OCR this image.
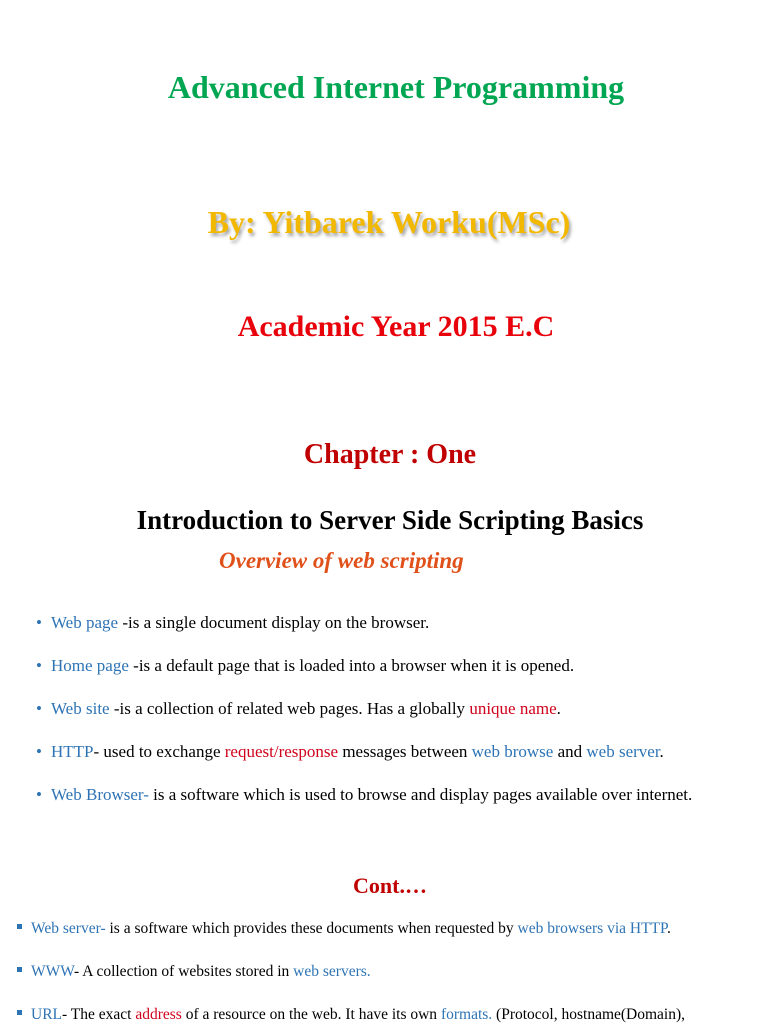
Advanced Internet Programming
By: Yitbarek Worku(MSc)
Academic Year 2015 E.C
Chapter : One
Introduction to Server Side Scripting Basics
Overview of web scripting
• Web page -is a single document display on the browser.
• Home page -is a default page that is loaded into a browser when it is opened.
• Web site -is a collection of related web pages. Has a globally unique name.
• HTTP- used to exchange request/response messages between web browse and web server.
• Web Browser- is a software which is used to browse and display pages available over internet.
Cont.…
Web server- is a software which provides these documents when requested by web browsers via HTTP.
WWW- A collection of websites stored in web servers.
URL- The exact address of a resource on the web. It have its own formats. (Protocol, hostname(Domain),
